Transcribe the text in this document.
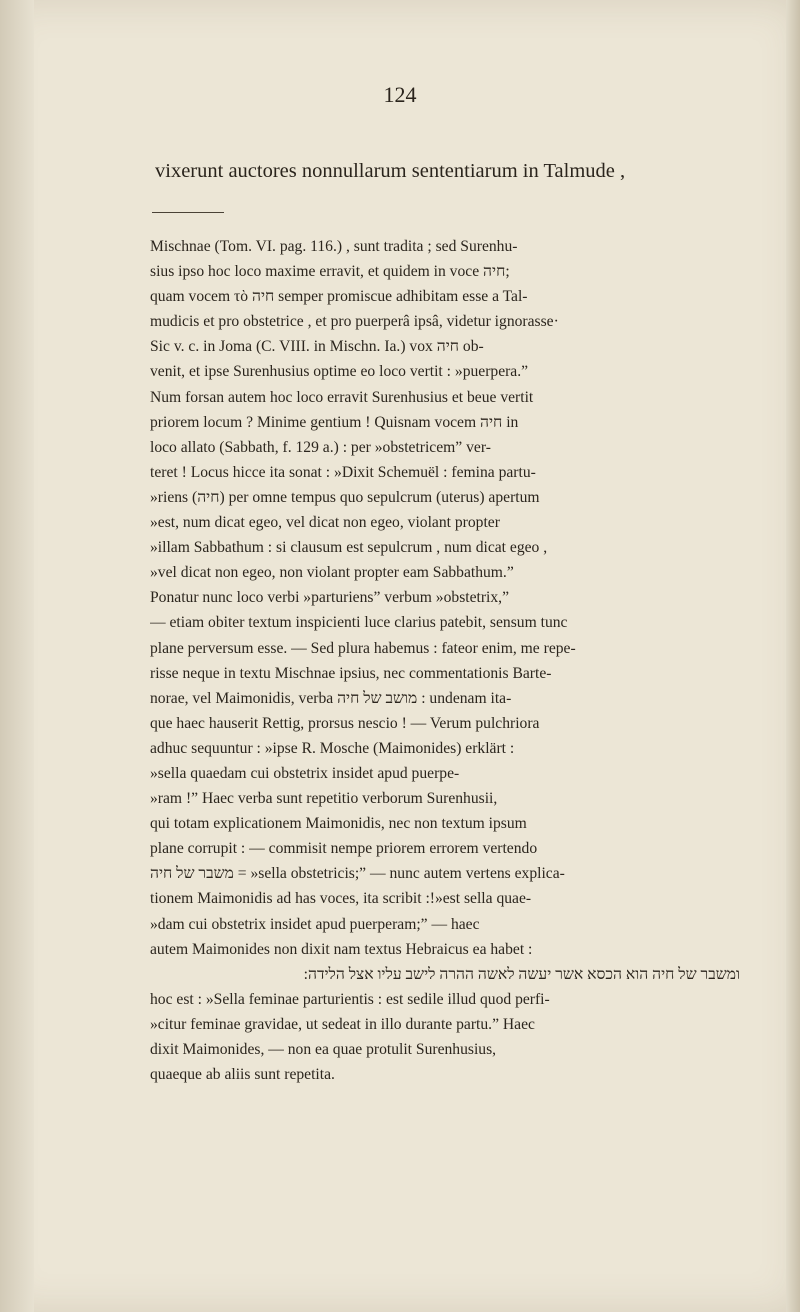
124
vixerunt auctores nonnullarum sententiarum in Talmude ,
Mischnae (Tom. VI. pag. 116.) , sunt tradita ; sed Surenhu-
sius ipso hoc loco maxime erravit, et quidem in voce חיה;
quam vocem τὸ חיה semper promiscue adhibitam esse a Tal-
mudicis et pro obstetrice , et pro puerperâ ipsâ, videtur ignorasse·
Sic v. c. in Joma (C. VIII. in Mischn. Ia.) vox חיה ob-
venit, et ipse Surenhusius optime eo loco vertit : »puerpera.”
Num forsan autem hoc loco erravit Surenhusius et beue vertit
priorem locum ? Minime gentium ! Quisnam vocem חיה in
loco allato (Sabbath, f. 129 a.) : per »obstetricem” ver-
teret ! Locus hicce ita sonat : »Dixit Schemuël : femina partu-
»riens (חיה) per omne tempus quo sepulcrum (uterus) apertum
»est, num dicat egeo, vel dicat non egeo, violant propter
»illam Sabbathum : si clausum est sepulcrum , num dicat egeo ,
»vel dicat non egeo, non violant propter eam Sabbathum.”
Ponatur nunc loco verbi »parturiens” verbum »obstetrix,”
— etiam obiter textum inspicienti luce clarius patebit, sensum tunc
plane perversum esse. — Sed plura habemus : fateor enim, me repe-
risse neque in textu Mischnae ipsius, nec commentationis Barte-
norae, vel Maimonidis, verba מושב של חיה : undenam ita-
que haec hauserit Rettig, prorsus nescio ! — Verum pulchriora
adhuc sequuntur : »ipse R. Mosche (Maimonides) erklärt :
»sella quaedam cui obstetrix insidet apud puerpe-
»ram !” Haec verba sunt repetitio verborum Surenhusii,
qui totam explicationem Maimonidis, nec non textum ipsum
plane corrupit : — commisit nempe priorem errorem vertendo
משבר של חיה = »sella obstetricis;” — nunc autem vertens explica-
tionem Maimonidis ad has voces, ita scribit :!»est sella quae-
»dam cui obstetrix insidet apud puerperam;” — haec
autem Maimonides non dixit nam textus Hebraicus ea habet :
ומשבר של חיה הוא הכסא אשר יעשה לאשה ההרה לישב עליו אצל הלידה:
hoc est : »Sella feminae parturientis : est sedile illud quod perfi-
»citur feminae gravidae, ut sedeat in illo durante partu.” Haec
dixit Maimonides, — non ea quae protulit Surenhusius,
quaeque ab aliis sunt repetita.
